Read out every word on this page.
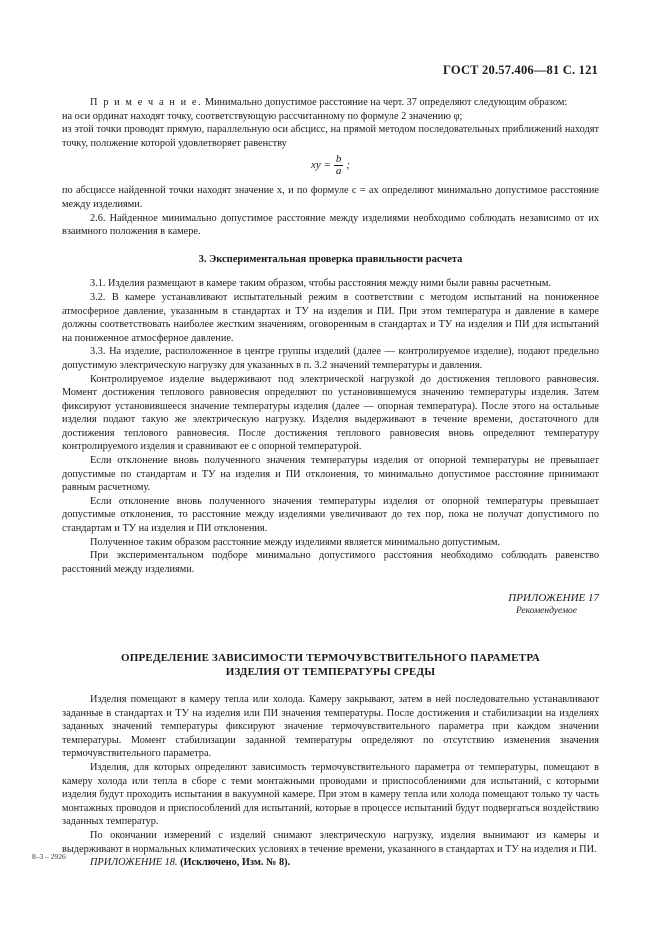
ГОСТ 20.57.406—81 С. 121

П р и м е ч а н и е. Минимально допустимое расстояние на черт. 37 определяют следующим образом:

на оси ординат находят точку, соответствующую рассчитанному по формуле 2 значению φ;

из этой точки проводят прямую, параллельную оси абсцисс, на прямой методом последовательных приближений находят точку, положение которой удовлетворяет равенству

xy = $\frac{b}{a}$ ;

по абсциссе найденной точки находят значение x, и по формуле c = ax определяют минимально допустимое расстояние между изделиями.

2.6. Найденное минимально допустимое расстояние между изделиями необходимо соблюдать независимо от их взаимного положения в камере.

3. Экспериментальная проверка правильности расчета

3.1. Изделия размещают в камере таким образом, чтобы расстояния между ними были равны расчетным.

3.2. В камере устанавливают испытательный режим в соответствии с методом испытаний на пониженное атмосферное давление, указанным в стандартах и ТУ на изделия и ПИ. При этом температура и давление в камере должны соответствовать наиболее жестким значениям, оговоренным в стандартах и ТУ на изделия и ПИ для испытаний на пониженное атмосферное давление.

3.3. На изделие, расположенное в центре группы изделий (далее — контролируемое изделие), подают предельно допустимую электрическую нагрузку для указанных в п. 3.2 значений температуры и давления.

Контролируемое изделие выдерживают под электрической нагрузкой до достижения теплового равновесия. Момент достижения теплового равновесия определяют по установившемуся значению температуры изделия. Затем фиксируют установившееся значение температуры изделия (далее — опорная температура). После этого на остальные изделия подают такую же электрическую нагрузку. Изделия выдерживают в течение времени, достаточного для достижения теплового равновесия. После достижения теплового равновесия вновь определяют температуру контролируемого изделия и сравнивают ее с опорной температурой.

Если отклонение вновь полученного значения температуры изделия от опорной температуры не превышает допустимые по стандартам и ТУ на изделия и ПИ отклонения, то минимально допустимое расстояние принимают равным расчетному.

Если отклонение вновь полученного значения температуры изделия от опорной температуры превышает допустимые отклонения, то расстояние между изделиями увеличивают до тех пор, пока не получат допустимого по стандартам и ТУ на изделия и ПИ отклонения.

Полученное таким образом расстояние между изделиями является минимально допустимым.

При экспериментальном подборе минимально допустимого расстояния необходимо соблюдать равенство расстояний между изделиями.

ПРИЛОЖЕНИЕ 17
Рекомендуемое
ОПРЕДЕЛЕНИЕ ЗАВИСИМОСТИ ТЕРМОЧУВСТВИТЕЛЬНОГО ПАРАМЕТРА
ИЗДЕЛИЯ ОТ ТЕМПЕРАТУРЫ СРЕДЫ

Изделия помещают в камеру тепла или холода. Камеру закрывают, затем в ней последовательно устанавливают заданные в стандартах и ТУ на изделия или ПИ значения температуры. После достижения и стабилизации на изделиях заданных значений температуры фиксируют значение термочувствительного параметра при каждом значении температуры. Момент стабилизации заданной температуры определяют по отсутствию изменения значения термочувствительного параметра.

Изделия, для которых определяют зависимость термочувствительного параметра от температуры, помещают в камеру холода или тепла в сборе с теми монтажными проводами и приспособлениями для испытаний, с которыми изделия будут проходить испытания в вакуумной камере. При этом в камеру тепла или холода помещают только ту часть монтажных проводов и приспособлений для испытаний, которые в процессе испытаний будут подвергаться воздействию заданных температур.

По окончании измерений с изделий снимают электрическую нагрузку, изделия вынимают из камеры и выдерживают в нормальных климатических условиях в течение времени, указанного в стандартах и ТУ на изделия и ПИ.

ПРИЛОЖЕНИЕ 18. (Исключено, Изм. № 8).

8–3 – 2926
